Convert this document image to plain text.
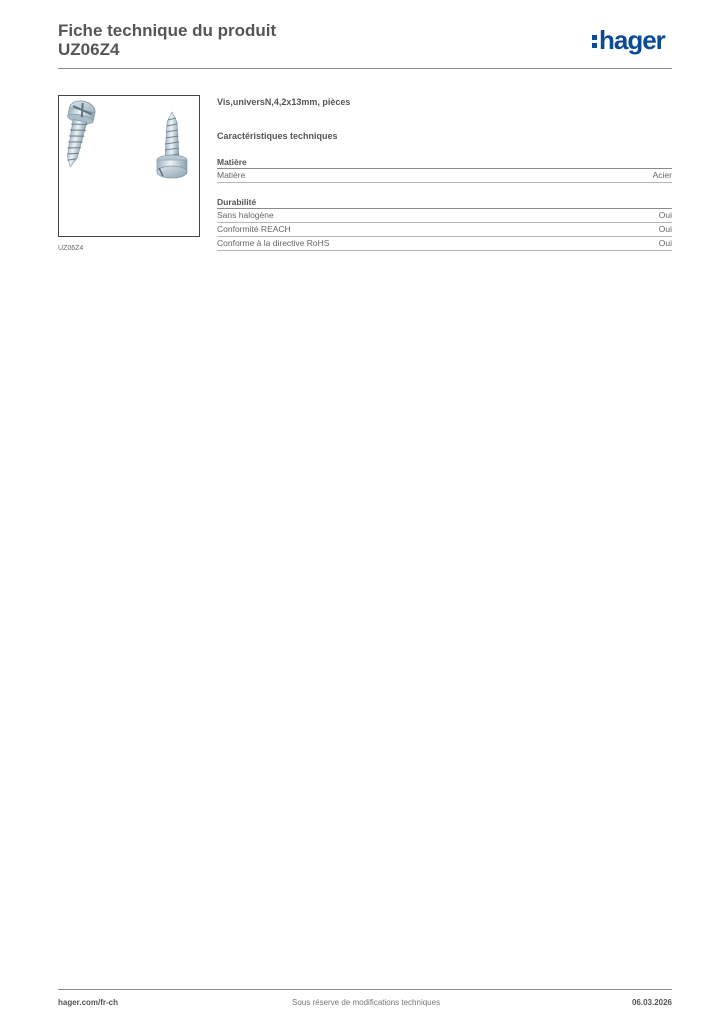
Fiche technique du produit
UZ06Z4	hager
UZ06Z4
Vis,universN,4,2x13mm, pièces
Caractéristiques techniques
Matière
Matière	Acier
Durabilité
Sans halogène	Oui
Conformité REACH	Oui
Conforme à la directive RoHS	Oui
hager.com/fr-ch	Sous réserve de modifications techniques	06.03.2026
